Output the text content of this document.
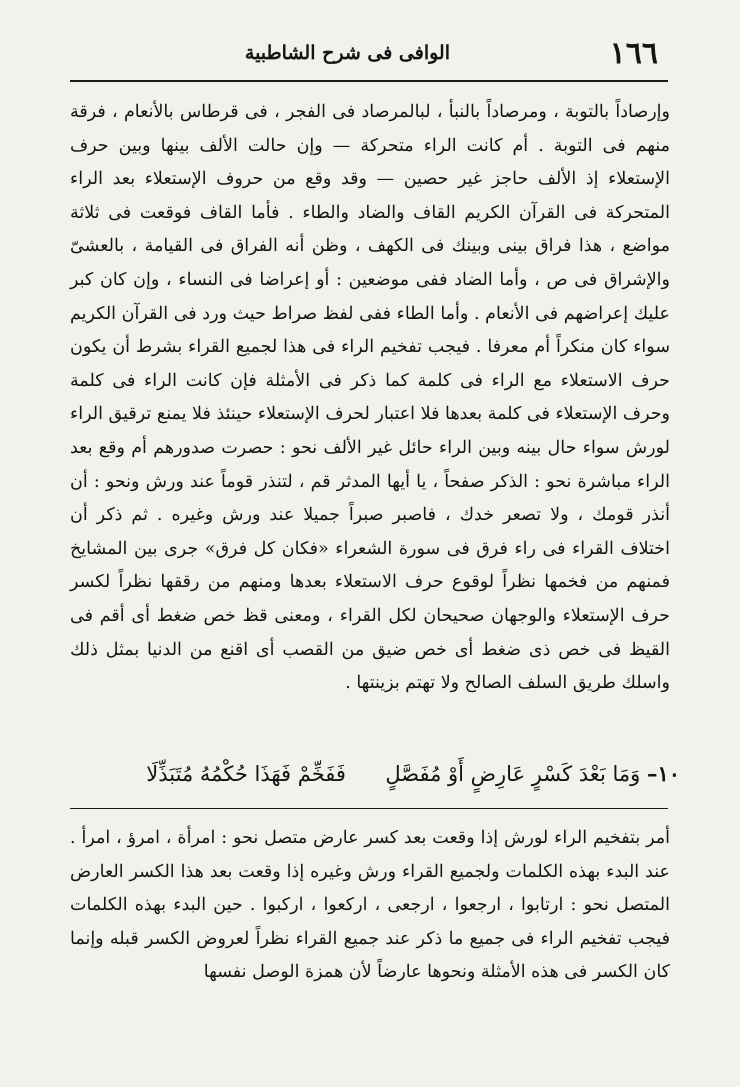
١٦٦
الوافى فى شرح الشاطبية

وإرصاداً بالتوبة ، ومرصاداً بالنبأ ، لبالمرصاد فى الفجر ، فى قرطاس بالأنعام ، فرقة منهم فى التوبة . أم كانت الراء متحركة — وإن حالت الألف بينها وبين حرف الإستعلاء إذ الألف حاجز غير حصين — وقد وقع من حروف الإستعلاء بعد الراء المتحركة فى القرآن الكريم القاف والضاد والطاء . فأما القاف فوقعت فى ثلاثة مواضع ، هذا فراق بينى وبينك فى الكهف ، وظن أنه الفراق فى القيامة ، بالعشىّ والإشراق فى ص ، وأما الضاد ففى موضعين : أو إعراضا فى النساء ، وإن كان كبر عليك إعراضهم فى الأنعام . وأما الطاء ففى لفظ صراط حيث ورد فى القرآن الكريم سواء كان منكراً أم معرفا . فيجب تفخيم الراء فى هذا لجميع القراء بشرط أن يكون حرف الاستعلاء مع الراء فى كلمة كما ذكر فى الأمثلة فإن كانت الراء فى كلمة وحرف الإستعلاء فى كلمة بعدها فلا اعتبار لحرف الإستعلاء حينئذ فلا يمنع ترقيق الراء لورش سواء حال بينه وبين الراء حائل غير الألف نحو : حصرت صدورهم أم وقع بعد الراء مباشرة نحو : الذكر صفحاً ، يا أيها المدثر قم ، لتنذر قوماً عند ورش ونحو : أن أنذر قومك ، ولا تصعر خدك ، فاصبر صبراً جميلا عند ورش وغيره . ثم ذكر أن اختلاف القراء فى راء فرق فى سورة الشعراء «فكان كل فرق» جرى بين المشايخ فمنهم من فخمها نظراً لوقوع حرف الاستعلاء بعدها ومنهم من رققها نظراً لكسر حرف الإستعلاء والوجهان صحيحان لكل القراء ، ومعنى قظ خص ضغط أى أقم فى القيظ فى خص ذى ضغط أى خص ضيق من القصب أى اقنع من الدنيا بمثل ذلك واسلك طريق السلف الصالح ولا تهتم بزينتها .

١٠– وَمَا بَعْدَ كَسْرٍ عَارِضٍ أَوْ مُفَصَّلٍ  فَفَخِّمْ فَهَذَا حُكْمُهُ مُتَبَذِّلَا

أمر بتفخيم الراء لورش إذا وقعت بعد كسر عارض متصل نحو : امرأة ، امرؤ ، امرأ . عند البدء بهذه الكلمات ولجميع القراء ورش وغيره إذا وقعت بعد هذا الكسر العارض المتصل نحو : ارتابوا ، ارجعوا ، ارجعى ، اركعوا ، اركبوا . حين البدء بهذه الكلمات فيجب تفخيم الراء فى جميع ما ذكر عند جميع القراء نظراً لعروض الكسر قبله وإنما كان الكسر فى هذه الأمثلة ونحوها عارضاً لأن همزة الوصل نفسها
